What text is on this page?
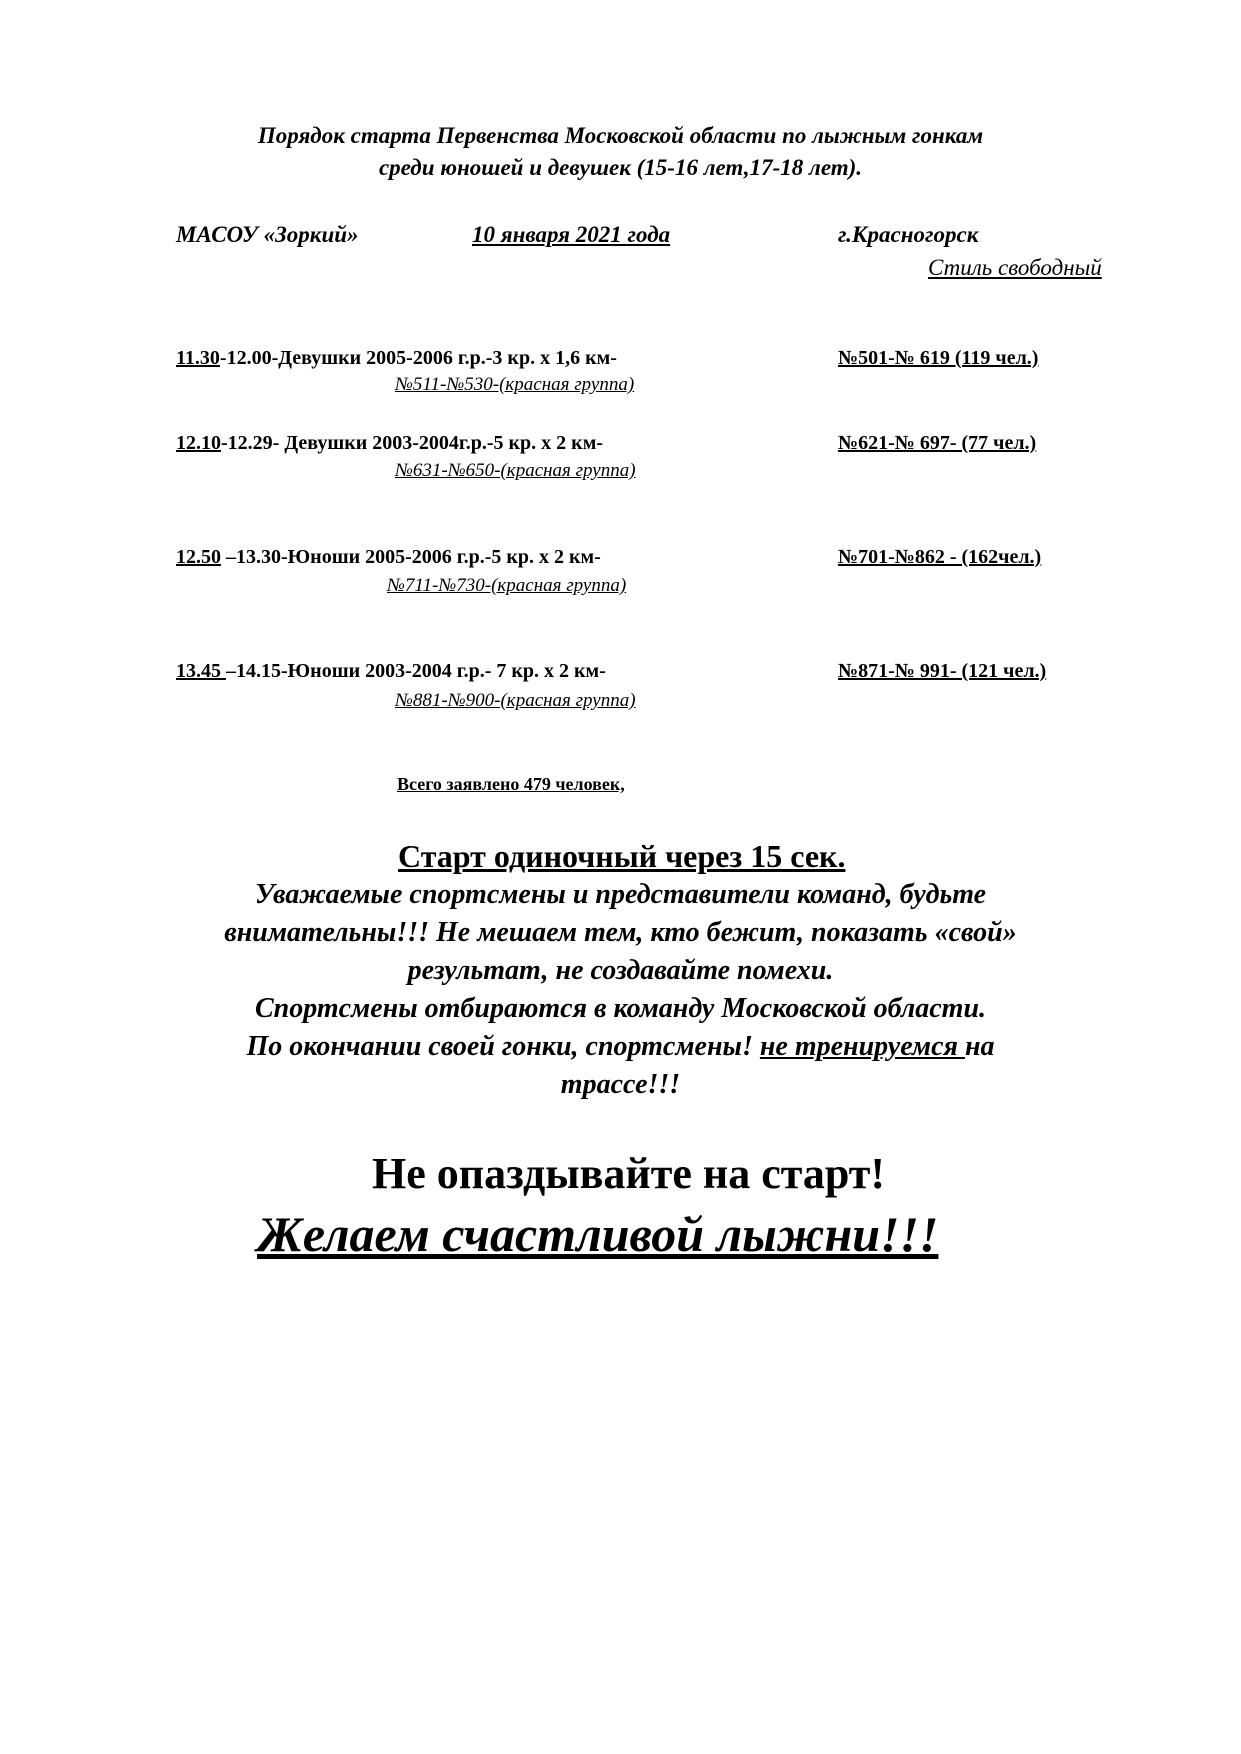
Порядок старта Первенства Московской области по лыжным гонкам
среди юношей и девушек (15-16 лет,17-18 лет).
МАСОУ «Зоркий»	10 января 2021 года	г.Красногорск
Стиль свободный
11.30-12.00-Девушки 2005-2006 г.р.-3 кр. х 1,6 км-	№501-№ 619 (119 чел.)
№511-№530-(красная группа)
12.10-12.29- Девушки 2003-2004г.р.-5 кр. х 2 км-	№621-№ 697- (77 чел.)
№631-№650-(красная группа)
12.50 –13.30-Юноши 2005-2006 г.р.-5 кр. х 2 км-	№701-№862 - (162чел.)
№711-№730-(красная группа)
13.45 –14.15-Юноши 2003-2004 г.р.- 7 кр. х 2 км-	№871-№ 991- (121 чел.)
№881-№900-(красная группа)
Всего заявлено 479 человек,
Старт одиночный через 15 сек.
Уважаемые спортсмены и представители команд, будьте
внимательны!!! Не мешаем тем, кто бежит, показать «свой»
результат, не создавайте помехи.
Спортсмены отбираются в команду Московской области.
По окончании своей гонки, спортсмены! не тренируемся на
трассе!!!
Не опаздывайте на старт!
Желаем счастливой лыжни!!!
